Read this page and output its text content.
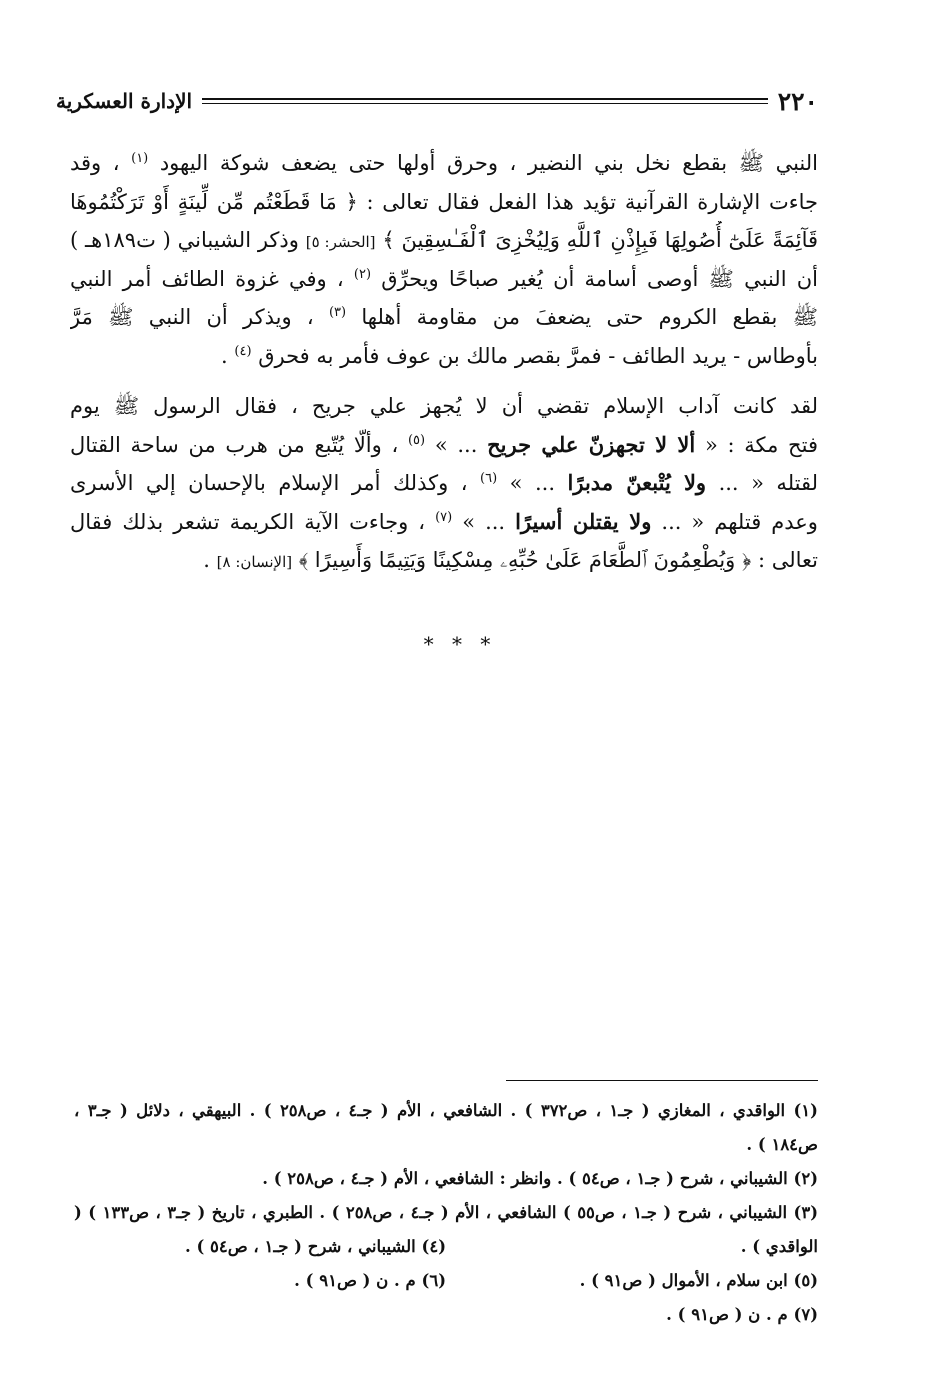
٢٢٠
الإدارة العسكرية
النبي ﷺ بقطع نخل بني النضير ، وحرق أولها حتى يضعف شوكة اليهود $^{(١)}$ ، وقد
جاءت الإشارة القرآنية تؤيد هذا الفعل فقال تعالى : ﴿ مَا قَطَعْتُم مِّن لِّينَةٍ أَوْ تَرَكْتُمُوهَا
قَآئِمَةً عَلَىٰٓ أُصُولِهَا فَبِإِذْنِ ٱللَّهِ وَلِيُخْزِىَ ٱلْفَـٰسِقِينَ ﴾ [الحشر: ٥] وذكر الشيباني ( ت١٨٩هـ )
أن النبي ﷺ أوصى أسامة أن يُغير صباحًا ويحرِّق $^{(٢)}$ ، وفي غزوة الطائف أمر النبي
ﷺ بقطع الكروم حتى يضعفَ من مقاومة أهلها $^{(٣)}$ ، ويذكر أن النبي ﷺ مَرَّ
بأوطاس - يريد الطائف - فمرَّ بقصر مالك بن عوف فأمر به فحرق $^{(٤)}$ .
لقد كانت آداب الإسلام تقضي أن لا يُجهز علي جريح ، فقال الرسول ﷺ يوم
فتح مكة : « ألا لا تجهزنّ علي جريح ... » $^{(٥)}$ ، وألّا يُتّبع من هرب من ساحة القتال
لقتله « ... ولا يُتْبعنّ مدبرًا ... » $^{(٦)}$ ، وكذلك أمر الإسلام بالإحسان إلي الأسرى
وعدم قتلهم « ... ولا يقتلن أسيرًا ... » $^{(٧)}$ ، وجاءت الآية الكريمة تشعر بذلك فقال
تعالى : ﴿ وَيُطْعِمُونَ ٱلطَّعَامَ عَلَىٰ حُبِّهِۦ مِسْكِينًا وَيَتِيمًا وَأَسِيرًا ﴾ [الإنسان: ٨] .
* * *
(١) الواقدي ، المغازي ( جـ١ ، ص٣٧٢ ) . الشافعي ، الأم ( جـ٤ ، ص٢٥٨ ) . البيهقي ، دلائل ( جـ٣ ،
ص١٨٤ ) .
(٢) الشيباني ، شرح ( جـ١ ، ص٥٤ ) . وانظر : الشافعي ، الأم ( جـ٤ ، ص٢٥٨ ) .
(٣) الشيباني ، شرح ( جـ١ ، ص٥٥ ) الشافعي ، الأم ( جـ٤ ، ص٢٥٨ ) . الطبري ، تاريخ ( جـ٣ ، ص١٣٣ ) (
الواقدي ) .
(٤) الشيباني ، شرح ( جـ١ ، ص٥٤ ) .
(٥) ابن سلام ، الأموال ( ص٩١ ) .
(٦) م . ن ( ص٩١ ) .
(٧) م . ن ( ص٩١ ) .
